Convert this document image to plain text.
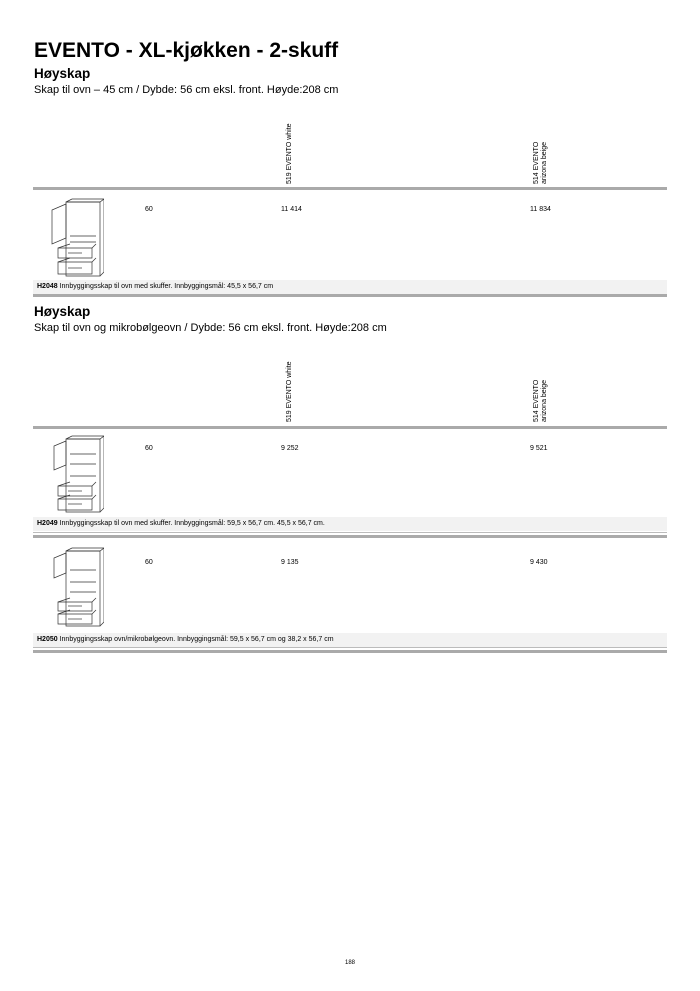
EVENTO - XL-kjøkken - 2-skuff
Høyskap
Skap til ovn – 45 cm / Dybde: 56 cm eksl. front. Høyde:208 cm
519 EVENTO white	514 EVENTO arizona beige
60	11 414	11 834
H2048 Innbyggingsskap til ovn med skuffer. Innbyggingsmål: 45,5 x 56,7 cm
Høyskap
Skap til ovn og mikrobølgeovn / Dybde: 56 cm eksl. front. Høyde:208 cm
519 EVENTO white	514 EVENTO arizona beige
60	9 252	9 521
H2049 Innbyggingsskap til ovn med skuffer. Innbyggingsmål: 59,5 x 56,7 cm. 45,5 x 56,7 cm.
60	9 135	9 430
H2050 Innbyggingsskap ovn/mikrobølgeovn. Innbyggingsmål: 59,5 x 56,7 cm og 38,2 x 56,7 cm
188
